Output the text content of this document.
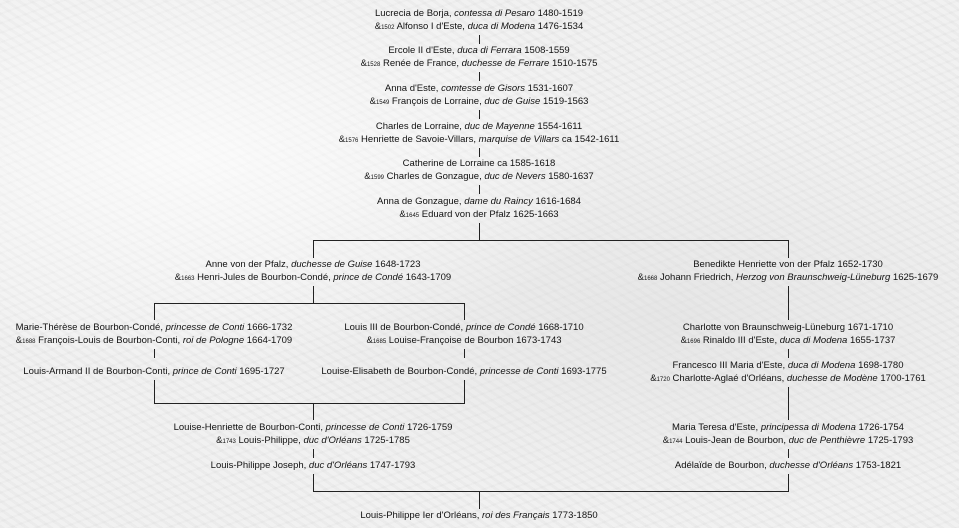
Lucrecia de Borja, contessa di Pesaro 1480-1519
&1502 Alfonso I d'Este, duca di Modena 1476-1534
Ercole II d'Este, duca di Ferrara 1508-1559
&1528 Renée de France, duchesse de Ferrare 1510-1575
Anna d'Este, comtesse de Gisors 1531-1607
&1549 François de Lorraine, duc de Guise 1519-1563
Charles de Lorraine, duc de Mayenne 1554-1611
&1576 Henriette de Savoie-Villars, marquise de Villars ca 1542-1611
Catherine de Lorraine ca 1585-1618
&1599 Charles de Gonzague, duc de Nevers 1580-1637
Anna de Gonzague, dame du Raincy 1616-1684
&1645 Eduard von der Pfalz 1625-1663
Anne von der Pfalz, duchesse de Guise 1648-1723
&1663 Henri-Jules de Bourbon-Condé, prince de Condé 1643-1709
Marie-Thérèse de Bourbon-Condé, princesse de Conti 1666-1732
&1688 François-Louis de Bourbon-Conti, roi de Pologne 1664-1709
Louis III de Bourbon-Condé, prince de Condé 1668-1710
&1685 Louise-Françoise de Bourbon 1673-1743
Louis-Armand II de Bourbon-Conti, prince de Conti 1695-1727	Louise-Elisabeth de Bourbon-Condé, princesse de Conti 1693-1775
Louise-Henriette de Bourbon-Conti, princesse de Conti 1726-1759
&1743 Louis-Philippe, duc d'Orléans 1725-1785
Louis-Philippe Joseph, duc d'Orléans 1747-1793
Benedikte Henriette von der Pfalz 1652-1730
&1668 Johann Friedrich, Herzog von Braunschweig-Lüneburg 1625-1679
Charlotte von Braunschweig-Lüneburg 1671-1710
&1696 Rinaldo III d'Este, duca di Modena 1655-1737
Francesco III Maria d'Este, duca di Modena 1698-1780
&1720 Charlotte-Aglaé d'Orléans, duchesse de Modène 1700-1761
Maria Teresa d'Este, principessa di Modena 1726-1754
&1744 Louis-Jean de Bourbon, duc de Penthièvre 1725-1793
Adélaïde de Bourbon, duchesse d'Orléans 1753-1821
Louis-Philippe Ier d'Orléans, roi des Français 1773-1850
